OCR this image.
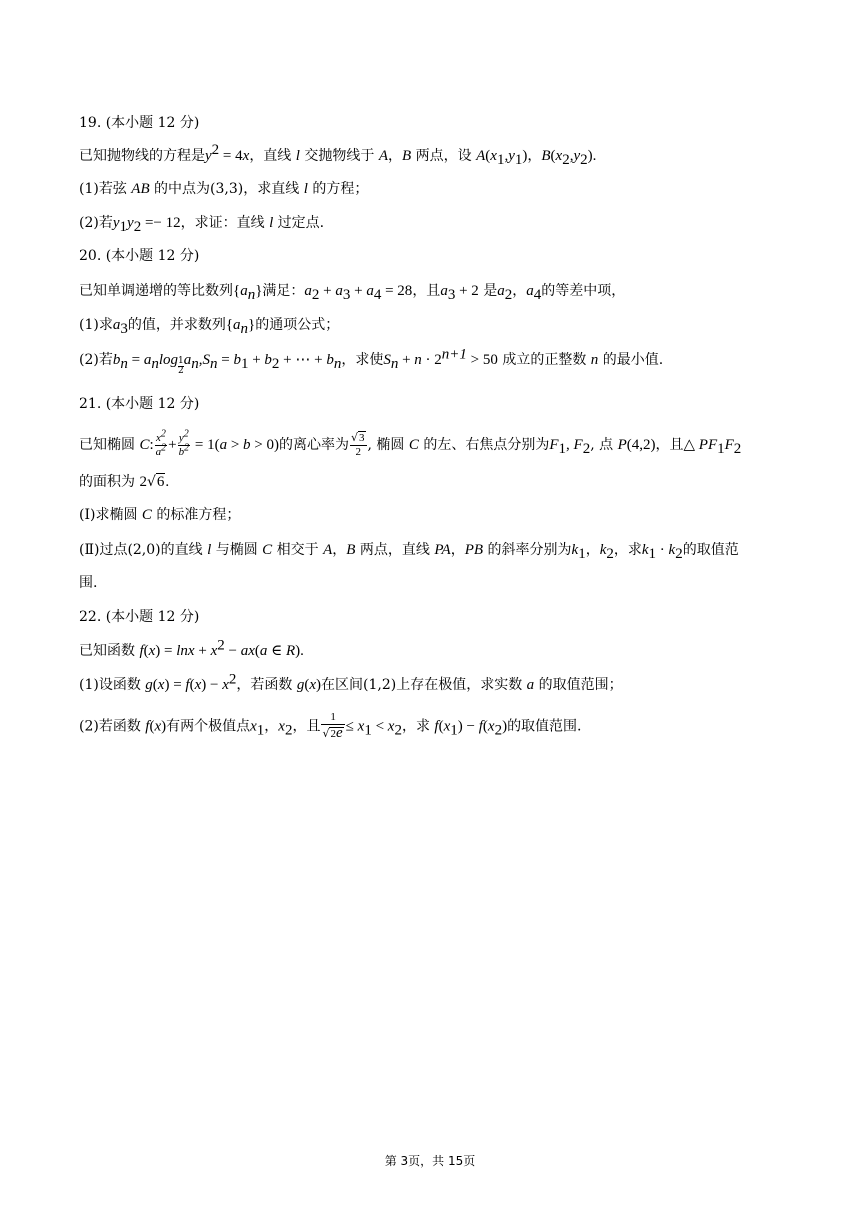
19. (本小题 12 分)
已知抛物线的方程是$y^2 = 4x$，直线 l 交抛物线于 A，B 两点，设 $A(x_1,y_1)$，$B(x_2,y_2)$.
(1)若弦 AB 的中点为(3,3)，求直线 l 的方程；
(2)若$y_1y_2 =- 12$，求证：直线 l 过定点.
20. (本小题 12 分)
已知单调递增的等比数列$\{a_n\}$满足：$a_2 + a_3 + a_4 = 28$，且$a_3 + 2$ 是$a_2$，$a_4$的等差中项，
(1)求$a_3$的值，并求数列$\{a_n\}$的通项公式；
(2)若$b_n = a_n\log \frac{1}{2} a_n,S_n = b_1 + b_2$ + ⋯ + $b_n$，求使$S_n + n \cdot 2^{n+1} > 50$ 成立的正整数 n 的最小值.
21. (本小题 12 分)
已知椭圆 C: $\frac{x^2}{a^2} + \frac{y^2}{b^2} = 1(a > b > 0)$的离心率为 $\frac{√3}{2}$ , 椭圆 C 的左、右焦点分别为$F_1$, $F_2$, 点 P(4,2)，且△ $PF_1F_2$
的面积为 2√6.
(Ⅰ)求椭圆 C 的标准方程；
(Ⅱ)过点(2,0)的直线 l 与椭圆 C 相交于 A，B 两点，直线 PA，PB 的斜率分别为$k_1$，$k_2$，求$k_1 \cdot k_2$的取值范
围.
22. (本小题 12 分)
已知函数 $f(x) = \ln x + x^2 - ax(a$ ∈ R).
(1)设函数 $g(x) = f(x) - x^2$，若函数 g(x)在区间(1,2)上存在极值，求实数 a 的取值范围；
(2)若函数 f(x)有两个极值点$x_1$，$x_2$，且 $\frac{1}{√2e} \le x_1 < x_2$，求 $f(x_1) - f(x_2)$的取值范围.
第 3页，共 15页
